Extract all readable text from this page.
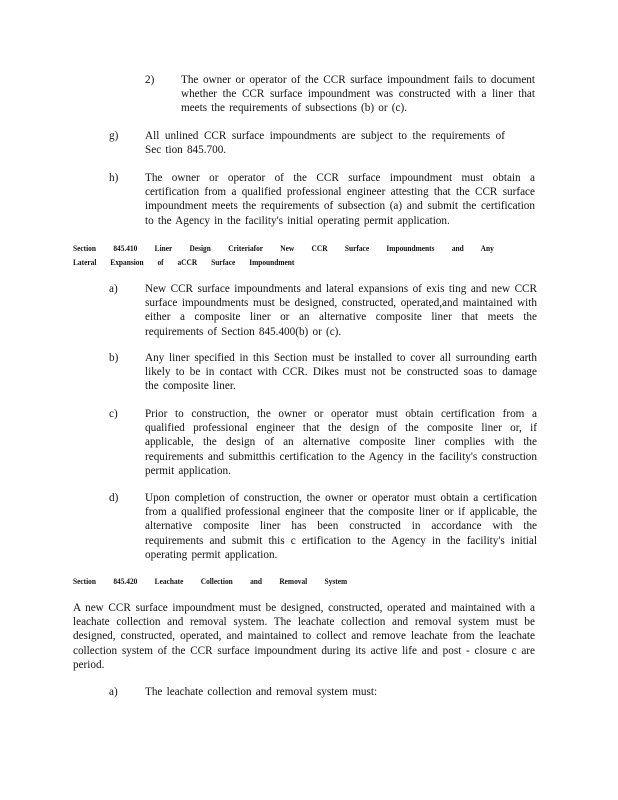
2) The owner or operator of the CCR surface impoundment fails to document whether the CCR surface impoundment was constructed with a liner that meets the requirements of subsections (b) or (c).
g) All unlined CCR surface impoundments are subject to the requirements of Sec tion 845.700.
h) The owner or operator of the CCR surface impoundment must obtain a certification from a qualified professional engineer attesting that the CCR surface impoundment meets the requirements of subsection (a) and submit the certification to the Agency in the facility's initial operating permit application.
Section 845.410 Liner Design Criteriafor New CCR Surface Impoundments and Any
Lateral Expansion of aCCR Surface Impoundment
a) New CCR surface impoundments and lateral expansions of exis ting and new CCR surface impoundments must be designed, constructed, operated,and maintained with either a composite liner or an alternative composite liner that meets the requirements of Section 845.400(b) or (c).
b) Any liner specified in this Section must be installed to cover all surrounding earth likely to be in contact with CCR. Dikes must not be constructed soas to damage the composite liner.
c) Prior to construction, the owner or operator must obtain certification from a qualified professional engineer that the design of the composite liner or, if applicable, the design of an alternative composite liner complies with the requirements and submitthis certification to the Agency in the facility's construction permit application.
d) Upon completion of construction, the owner or operator must obtain a certification from a qualified professional engineer that the composite liner or if applicable, the alternative composite liner has been constructed in accordance with the requirements and submit this c ertification to the Agency in the facility's initial operating permit application.
Section 845.420 Leachate Collection and Removal System
A new CCR surface impoundment must be designed, constructed, operated and maintained with a leachate collection and removal system. The leachate collection and removal system must be designed, constructed, operated, and maintained to collect and remove leachate from the leachate collection system of the CCR surface impoundment during its active life and post - closure c are period.
a) The leachate collection and removal system must:
